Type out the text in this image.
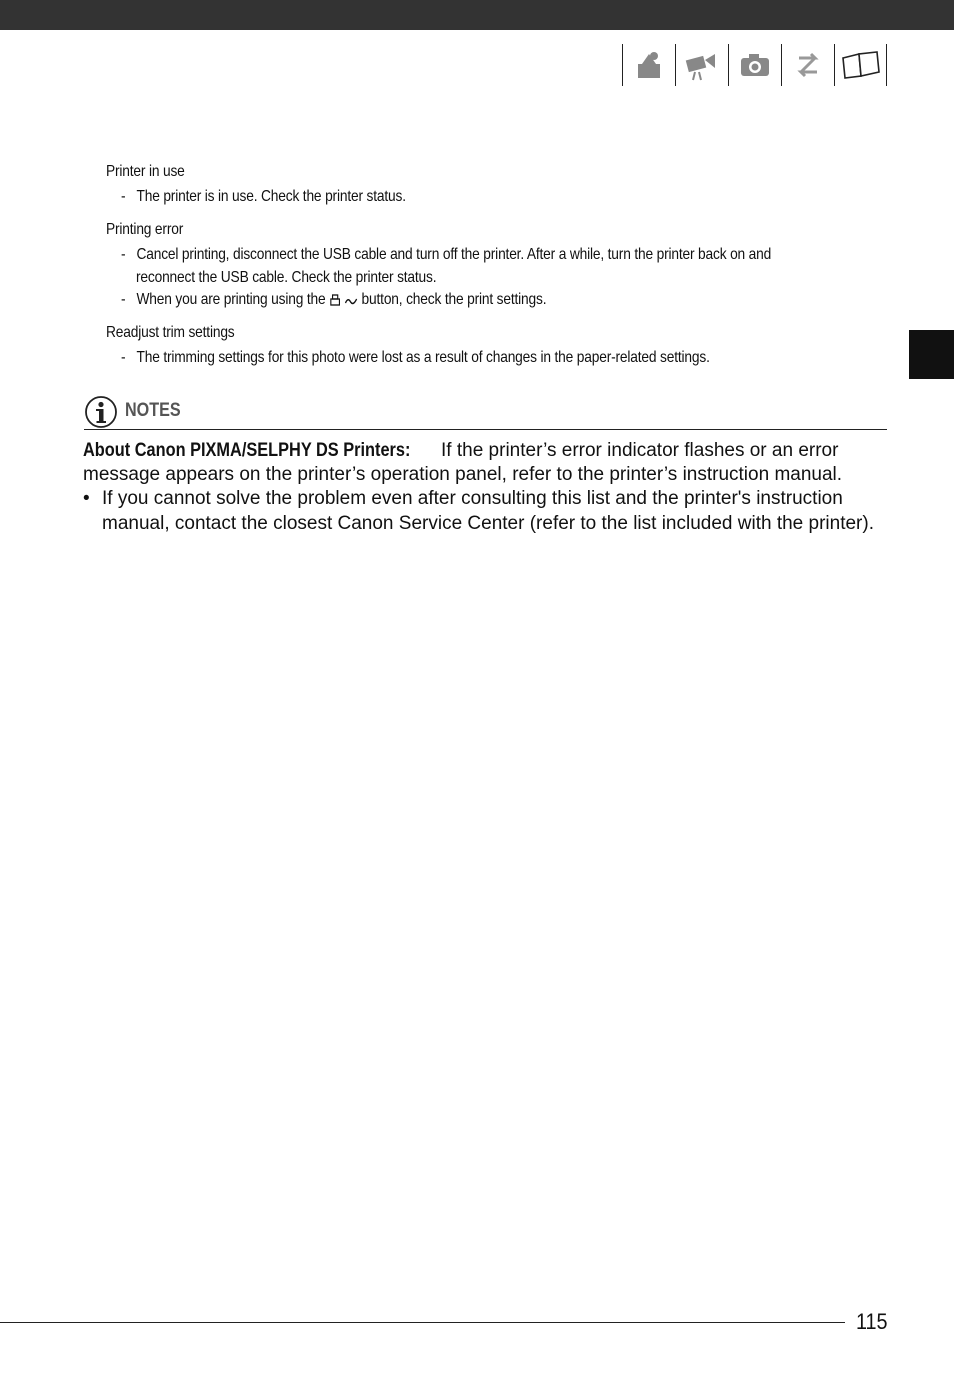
Printer in use
- The printer is in use. Check the printer status.
Printing error
- Cancel printing, disconnect the USB cable and turn off the printer. After a while, turn the printer back on and
reconnect the USB cable. Check the printer status.
- When you are printing using the button, check the print settings.
Readjust trim settings
- The trimming settings for this photo were lost as a result of changes in the paper-related settings.
NOTES
About Canon PIXMA/SELPHY DS Printers: If the printer’s error indicator flashes or an error message appears on the printer’s operation panel, refer to the printer’s instruction manual.
• If you cannot solve the problem even after consulting this list and the printer's instruction manual, contact the closest Canon Service Center (refer to the list included with the printer).
115
